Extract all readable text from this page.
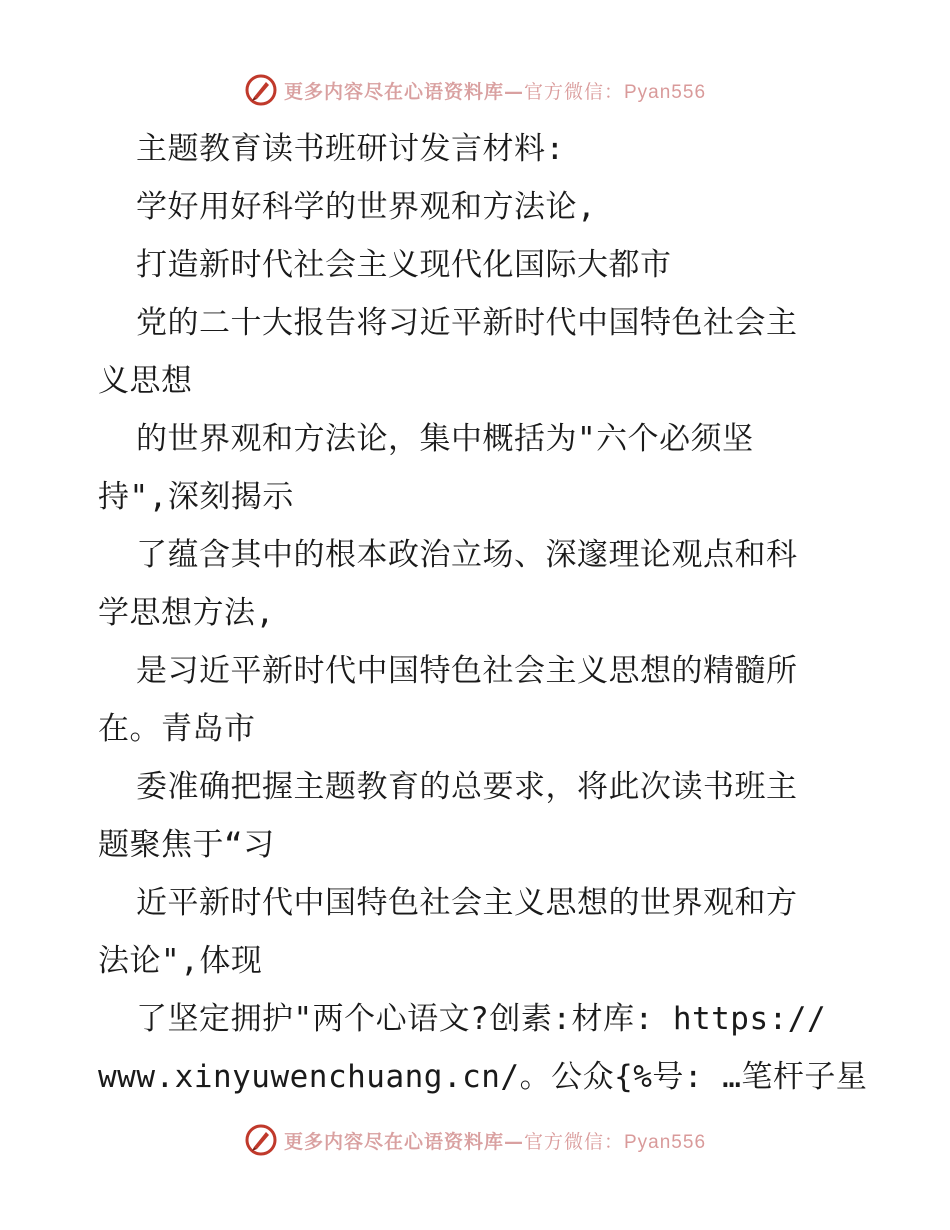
更多内容尽在心语资料库—官方微信：Pyan556
主题教育读书班研讨发言材料:
学好用好科学的世界观和方法论,
打造新时代社会主义现代化国际大都市
党的二十大报告将习近平新时代中国特色社会主
义思想
的世界观和方法论，集中概括为"六个必须坚
持",深刻揭示
了蕴含其中的根本政治立场、深邃理论观点和科
学思想方法,
是习近平新时代中国特色社会主义思想的精髓所
在。青岛市
委准确把握主题教育的总要求，将此次读书班主
题聚焦于“习
近平新时代中国特色社会主义思想的世界观和方
法论",体现
了坚定拥护"两个心语文?创素:材库: https://
www.xinyuwenchuang.cn/。公众{%号: …笔杆子星
更多内容尽在心语资料库—官方微信：Pyan556
